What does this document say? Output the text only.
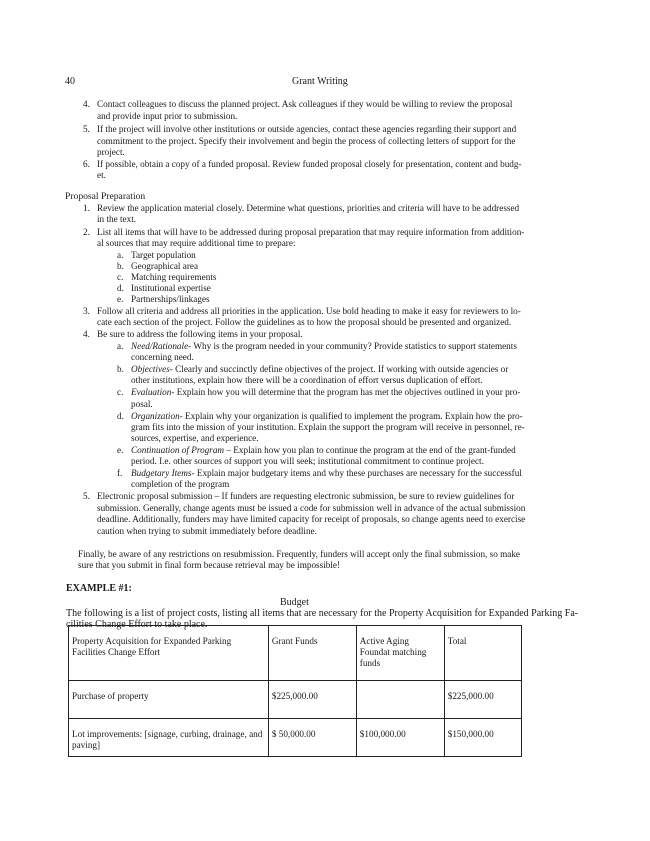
40	Grant Writing
4. Contact colleagues to discuss the planned project. Ask colleagues if they would be willing to review the proposal
and provide input prior to submission.
5. If the project will involve other institutions or outside agencies, contact these agencies regarding their support and
commitment to the project. Specify their involvement and begin the process of collecting letters of support for the
project.
6. If possible, obtain a copy of a funded proposal. Review funded proposal closely for presentation, content and budg-
et.
Proposal Preparation
1. Review the application material closely. Determine what questions, priorities and criteria will have to be addressed
in the text.
2. List all items that will have to be addressed during proposal preparation that may require information from addition-
al sources that may require additional time to prepare:
a. Target population
b. Geographical area
c. Matching requirements
d. Institutional expertise
e. Partnerships/linkages
3. Follow all criteria and address all priorities in the application. Use bold heading to make it easy for reviewers to lo-
cate each section of the project. Follow the guidelines as to how the proposal should be presented and organized.
4. Be sure to address the following items in your proposal.
a. Need/Rationale- Why is the program needed in your community? Provide statistics to support statements
concerning need.
b. Objectives- Clearly and succinctly define objectives of the project. If working with outside agencies or
other institutions, explain how there will be a coordination of effort versus duplication of effort.
c. Evaluation- Explain how you will determine that the program has met the objectives outlined in your pro-
posal.
d. Organization- Explain why your organization is qualified to implement the program. Explain how the pro-
gram fits into the mission of your institution. Explain the support the program will receive in personnel, re-
sources, expertise, and experience.
e. Continuation of Program – Explain how you plan to continue the program at the end of the grant-funded
period. I.e. other sources of support you will seek; institutional commitment to continue project.
f. Budgetary Items- Explain major budgetary items and why these purchases are necessary for the successful
completion of the program
5. Electronic proposal submission – If funders are requesting electronic submission, be sure to review guidelines for
submission. Generally, change agents must be issued a code for submission well in advance of the actual submission
deadline. Additionally, funders may have limited capacity for receipt of proposals, so change agents need to exercise
caution when trying to submit immediately before deadline.
Finally, be aware of any restrictions on resubmission. Frequently, funders will accept only the final submission, so make
sure that you submit in final form because retrieval may be impossible!
EXAMPLE #1:
Budget
The following is a list of project costs, listing all items that are necessary for the Property Acquisition for Expanded Parking Fa-
cilities Change Effort to take place.
Property Acquisition for Expanded Parking Facilities Change Effort	Grant Funds	Active Aging Foundat matching funds	Total
Purchase of property	$225,000.00		$225,000.00
Lot improvements: [signage, curbing, drainage, and paving]	$ 50,000.00	$100,000.00	$150,000.00
